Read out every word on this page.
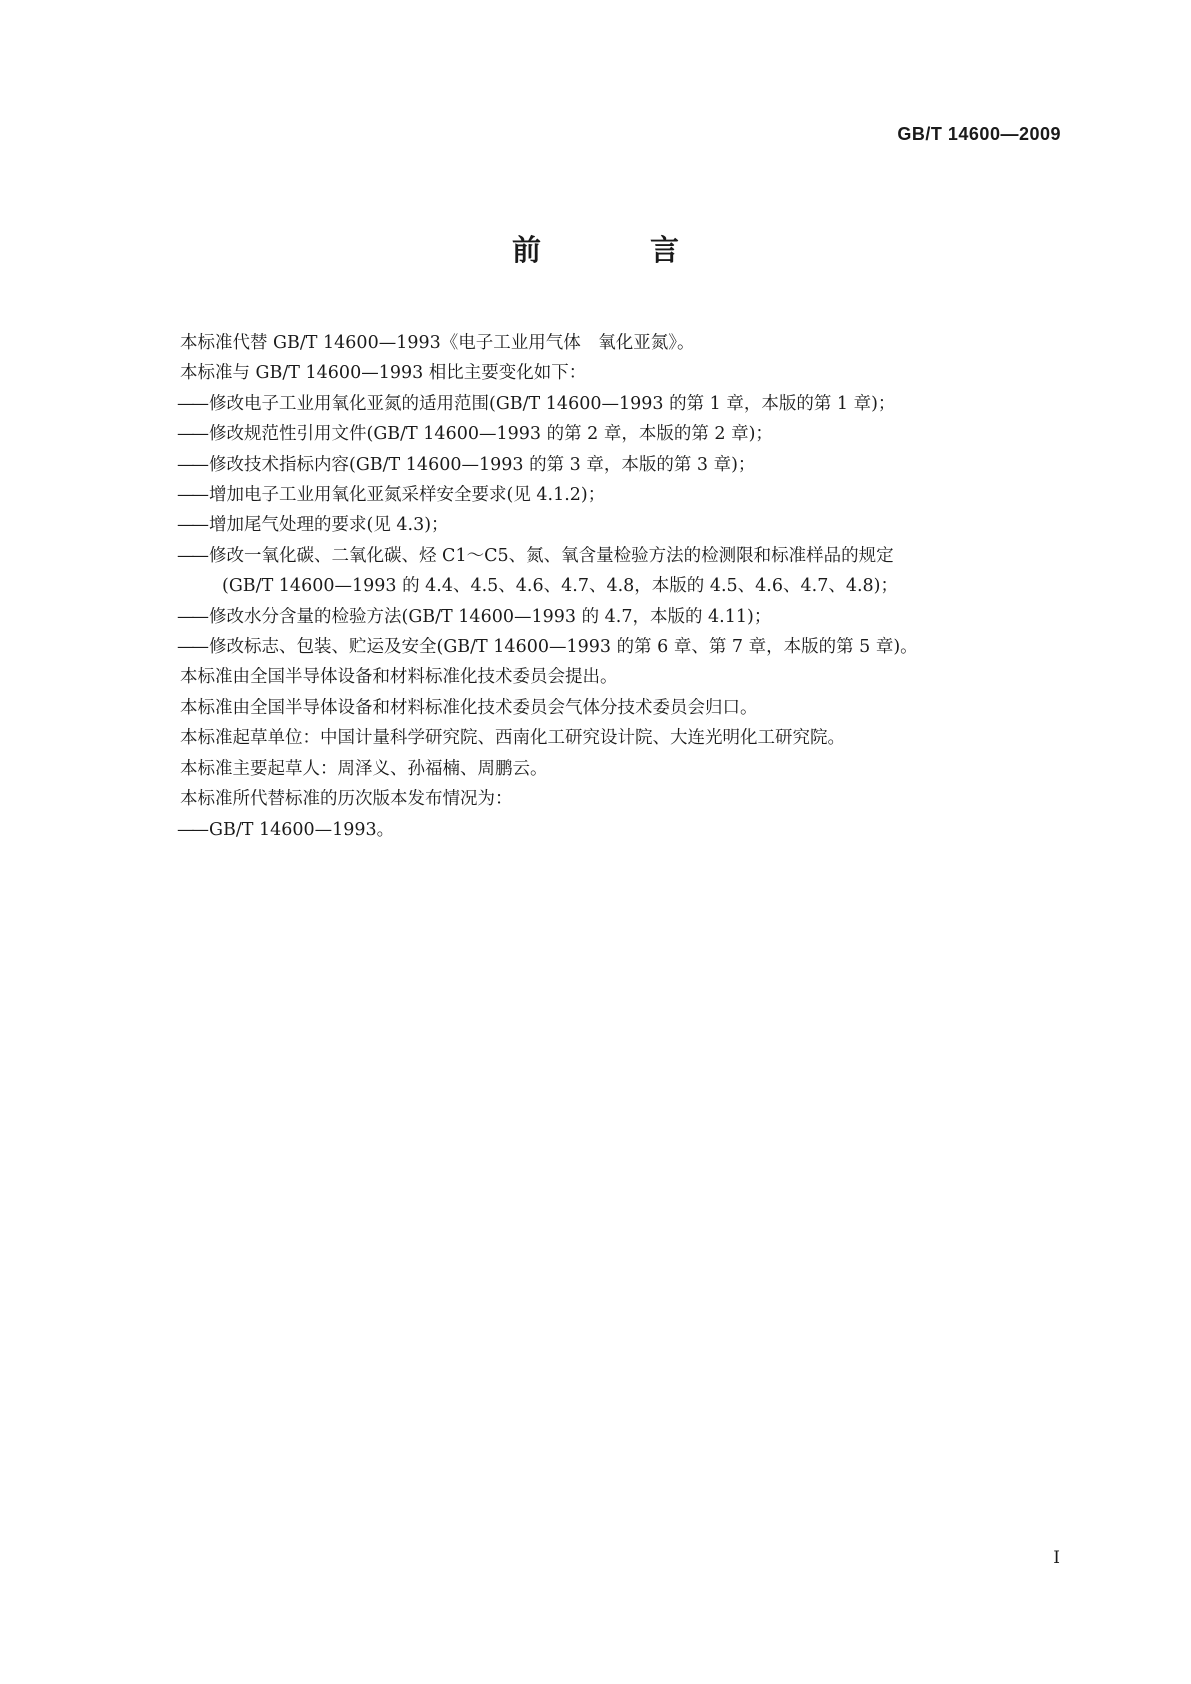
GB/T 14600—2009
前　言
本标准代替 GB/T 14600—1993《电子工业用气体　氧化亚氮》。
本标准与 GB/T 14600—1993 相比主要变化如下：
—— 修改电子工业用氧化亚氮的适用范围(GB/T 14600—1993 的第 1 章，本版的第 1 章)；
—— 修改规范性引用文件(GB/T 14600—1993 的第 2 章，本版的第 2 章)；
—— 修改技术指标内容(GB/T 14600—1993 的第 3 章，本版的第 3 章)；
—— 增加电子工业用氧化亚氮采样安全要求(见 4.1.2)；
—— 增加尾气处理的要求(见 4.3)；
—— 修改一氧化碳、二氧化碳、烃 C1～C5、氮、氧含量检验方法的检测限和标准样品的规定
(GB/T 14600—1993 的 4.4、4.5、4.6、4.7、4.8，本版的 4.5、4.6、4.7、4.8)；
—— 修改水分含量的检验方法(GB/T 14600—1993 的 4.7，本版的 4.11)；
—— 修改标志、包装、贮运及安全(GB/T 14600—1993 的第 6 章、第 7 章，本版的第 5 章)。
本标准由全国半导体设备和材料标准化技术委员会提出。
本标准由全国半导体设备和材料标准化技术委员会气体分技术委员会归口。
本标准起草单位：中国计量科学研究院、西南化工研究设计院、大连光明化工研究院。
本标准主要起草人：周泽义、孙福楠、周鹏云。
本标准所代替标准的历次版本发布情况为：
—— GB/T 14600—1993。
I
